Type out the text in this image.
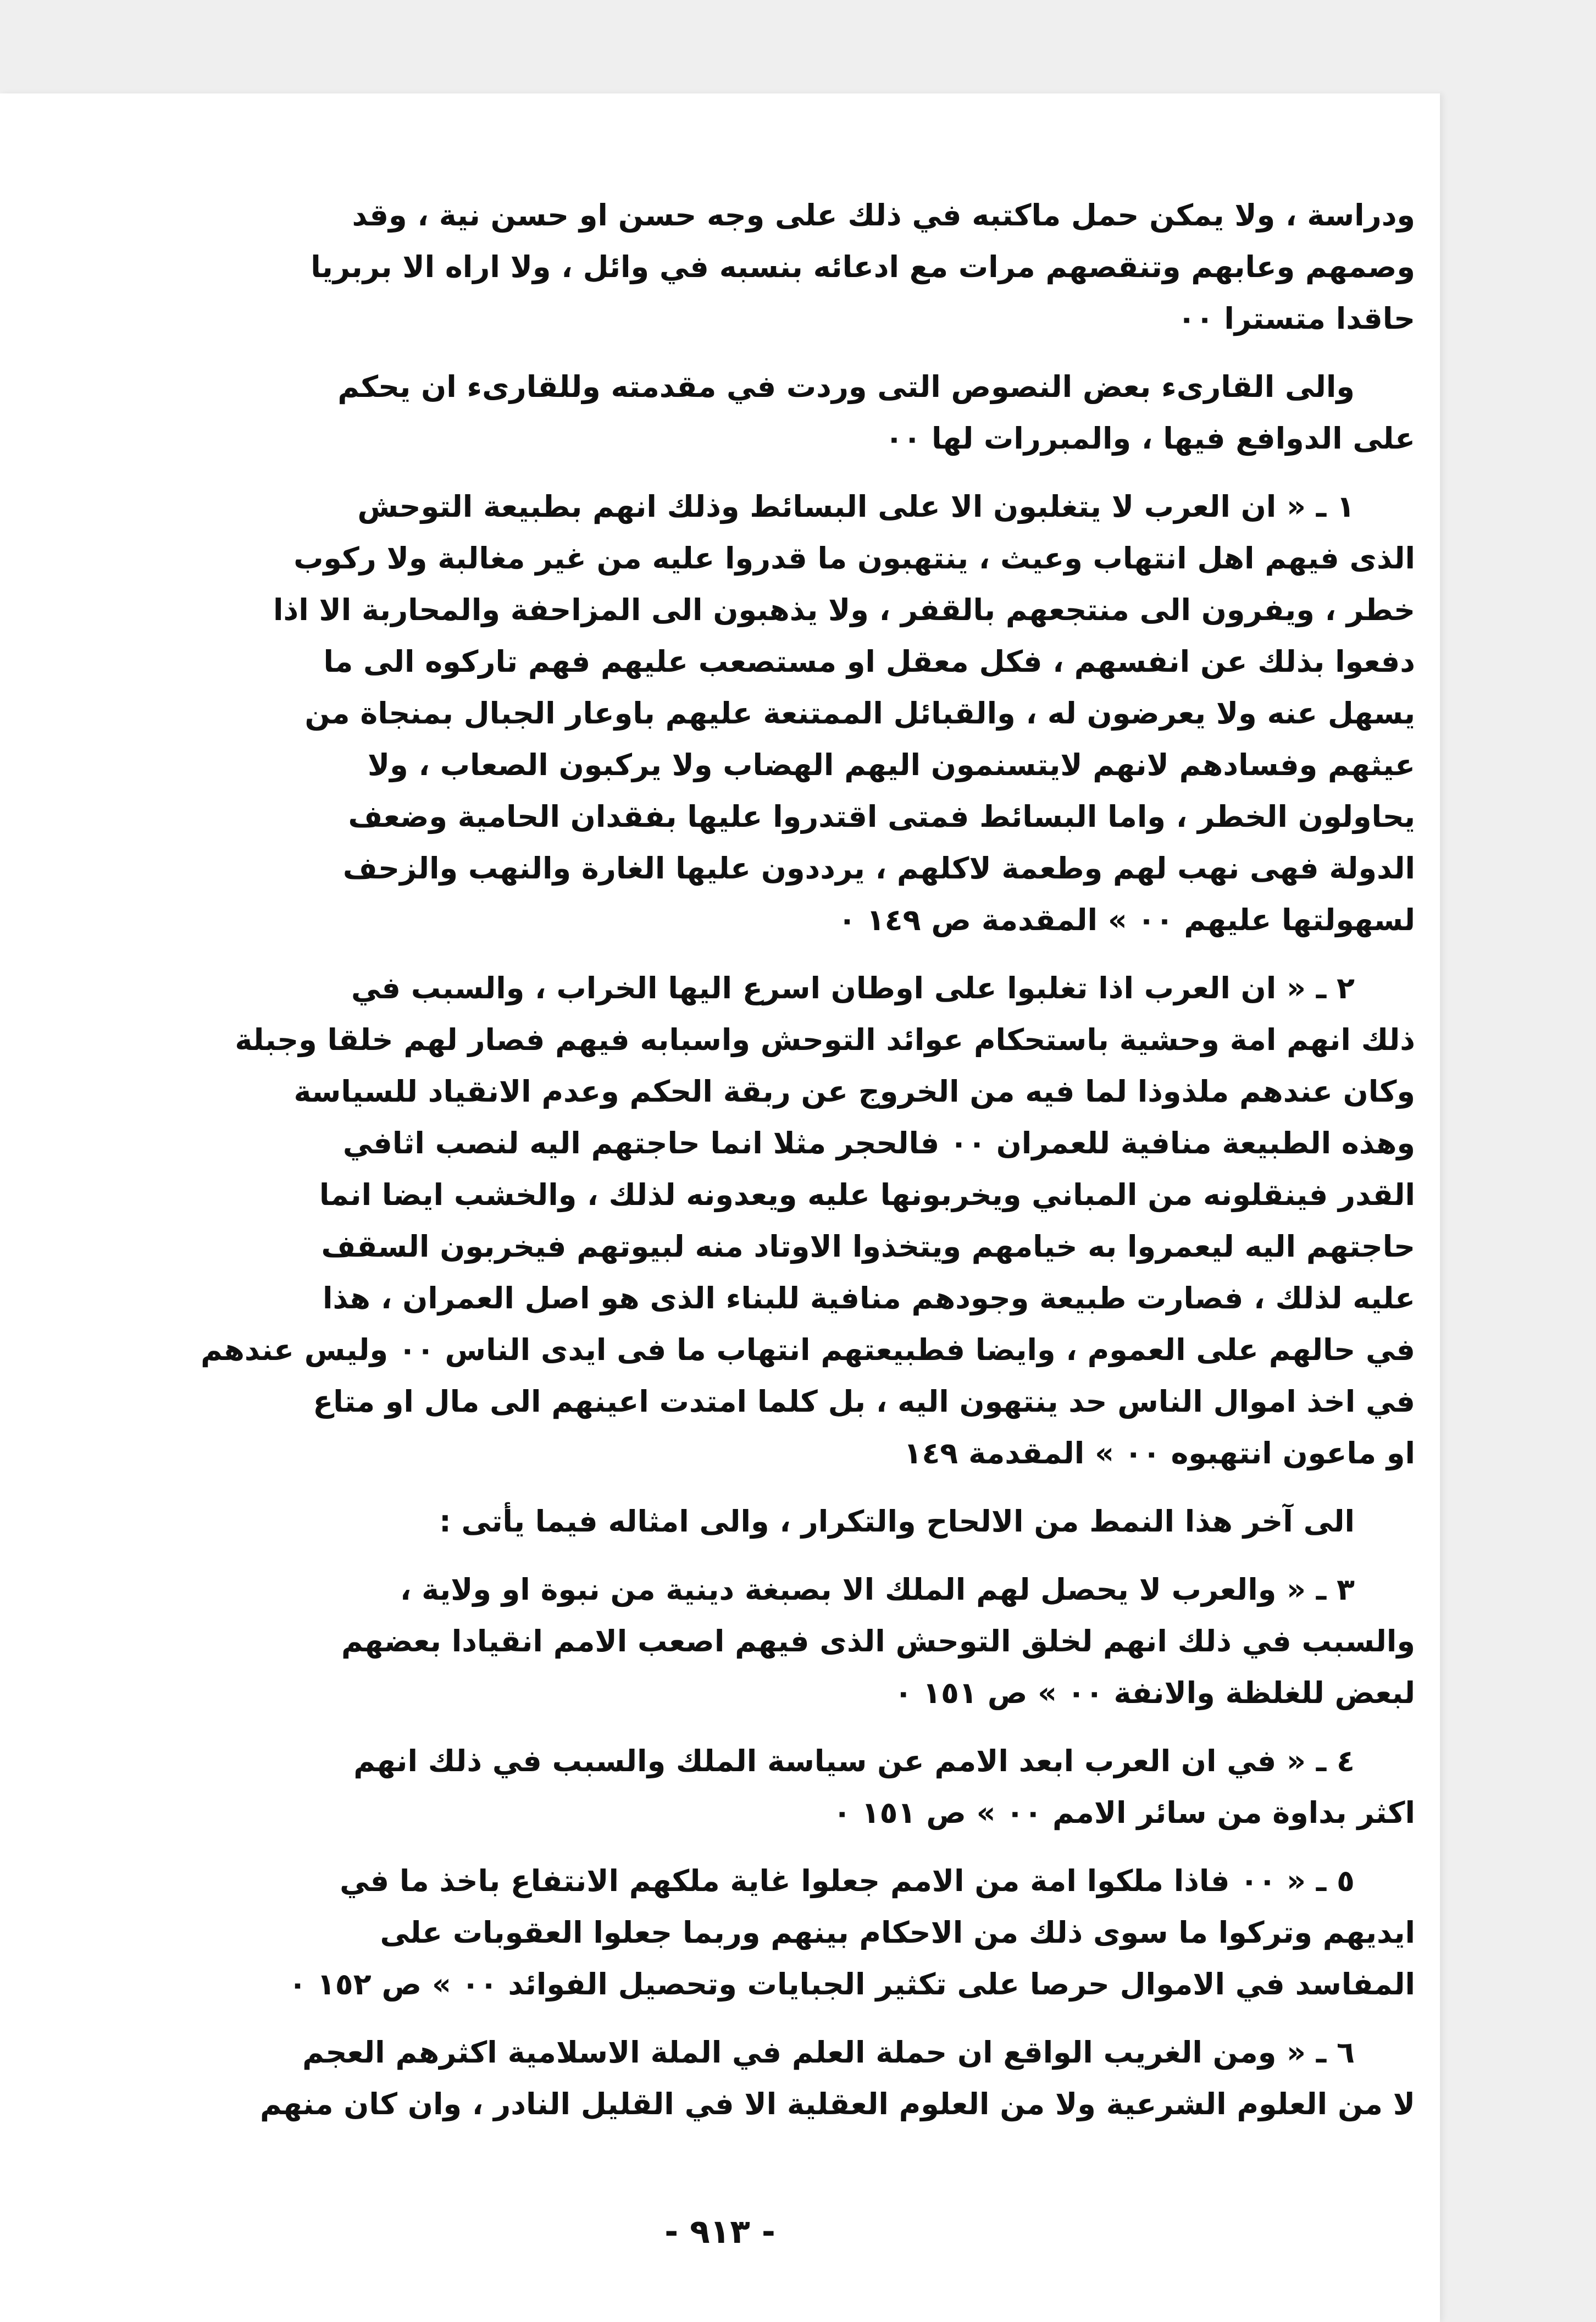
ودراسة ، ولا يمكن حمل ماكتبه في ذلك على وجه حسن او حسن نية ، وقد
وصمهم وعابهم وتنقصهم مرات مع ادعائه بنسبه في وائل ، ولا اراه الا بربريا
حاقدا متسترا ٠٠
والى القارىء بعض النصوص التى وردت في مقدمته وللقارىء ان يحكم
على الدوافع فيها ، والمبررات لها ٠٠
١ ـ « ان العرب لا يتغلبون الا على البسائط وذلك انهم بطبيعة التوحش
الذى فيهم اهل انتهاب وعيث ، ينتهبون ما قدروا عليه من غير مغالبة ولا ركوب
خطر ، ويفرون الى منتجعهم بالقفر ، ولا يذهبون الى المزاحفة والمحاربة الا اذا
دفعوا بذلك عن انفسهم ، فكل معقل او مستصعب عليهم فهم تاركوه الى ما
يسهل عنه ولا يعرضون له ، والقبائل الممتنعة عليهم باوعار الجبال بمنجاة من
عيثهم وفسادهم لانهم لايتسنمون اليهم الهضاب ولا يركبون الصعاب ، ولا
يحاولون الخطر ، واما البسائط فمتى اقتدروا عليها بفقدان الحامية وضعف
الدولة فهى نهب لهم وطعمة لاكلهم ، يرددون عليها الغارة والنهب والزحف
لسهولتها عليهم ٠٠ » المقدمة ص ١٤٩ ٠
٢ ـ « ان العرب اذا تغلبوا على اوطان اسرع اليها الخراب ، والسبب في
ذلك انهم امة وحشية باستحكام عوائد التوحش واسبابه فيهم فصار لهم خلقا وجبلة
وكان عندهم ملذوذا لما فيه من الخروج عن ربقة الحكم وعدم الانقياد للسياسة
وهذه الطبيعة منافية للعمران ٠٠ فالحجر مثلا انما حاجتهم اليه لنصب اثافي
القدر فينقلونه من المباني ويخربونها عليه ويعدونه لذلك ، والخشب ايضا انما
حاجتهم اليه ليعمروا به خيامهم ويتخذوا الاوتاد منه لبيوتهم فيخربون السقف
عليه لذلك ، فصارت طبيعة وجودهم منافية للبناء الذى هو اصل العمران ، هذا
في حالهم على العموم ، وايضا فطبيعتهم انتهاب ما فى ايدى الناس ٠٠ وليس عندهم
في اخذ اموال الناس حد ينتهون اليه ، بل كلما امتدت اعينهم الى مال او متاع
او ماعون انتهبوه ٠٠ » المقدمة ١٤٩
الى آخر هذا النمط من الالحاح والتكرار ، والى امثاله فيما يأتى :
٣ ـ « والعرب لا يحصل لهم الملك الا بصبغة دينية من نبوة او ولاية ،
والسبب في ذلك انهم لخلق التوحش الذى فيهم اصعب الامم انقيادا بعضهم
لبعض للغلظة والانفة ٠٠ » ص ١٥١ ٠
٤ ـ « في ان العرب ابعد الامم عن سياسة الملك والسبب في ذلك انهم
اكثر بداوة من سائر الامم ٠٠ » ص ١٥١ ٠
٥ ـ « ٠٠ فاذا ملكوا امة من الامم جعلوا غاية ملكهم الانتفاع باخذ ما في
ايديهم وتركوا ما سوى ذلك من الاحكام بينهم وربما جعلوا العقوبات على
المفاسد في الاموال حرصا على تكثير الجبايات وتحصيل الفوائد ٠٠ » ص ١٥٢ ٠
٦ ـ « ومن الغريب الواقع ان حملة العلم في الملة الاسلامية اكثرهم العجم
لا من العلوم الشرعية ولا من العلوم العقلية الا في القليل النادر ، وان كان منهم
- ٩١٣ -
